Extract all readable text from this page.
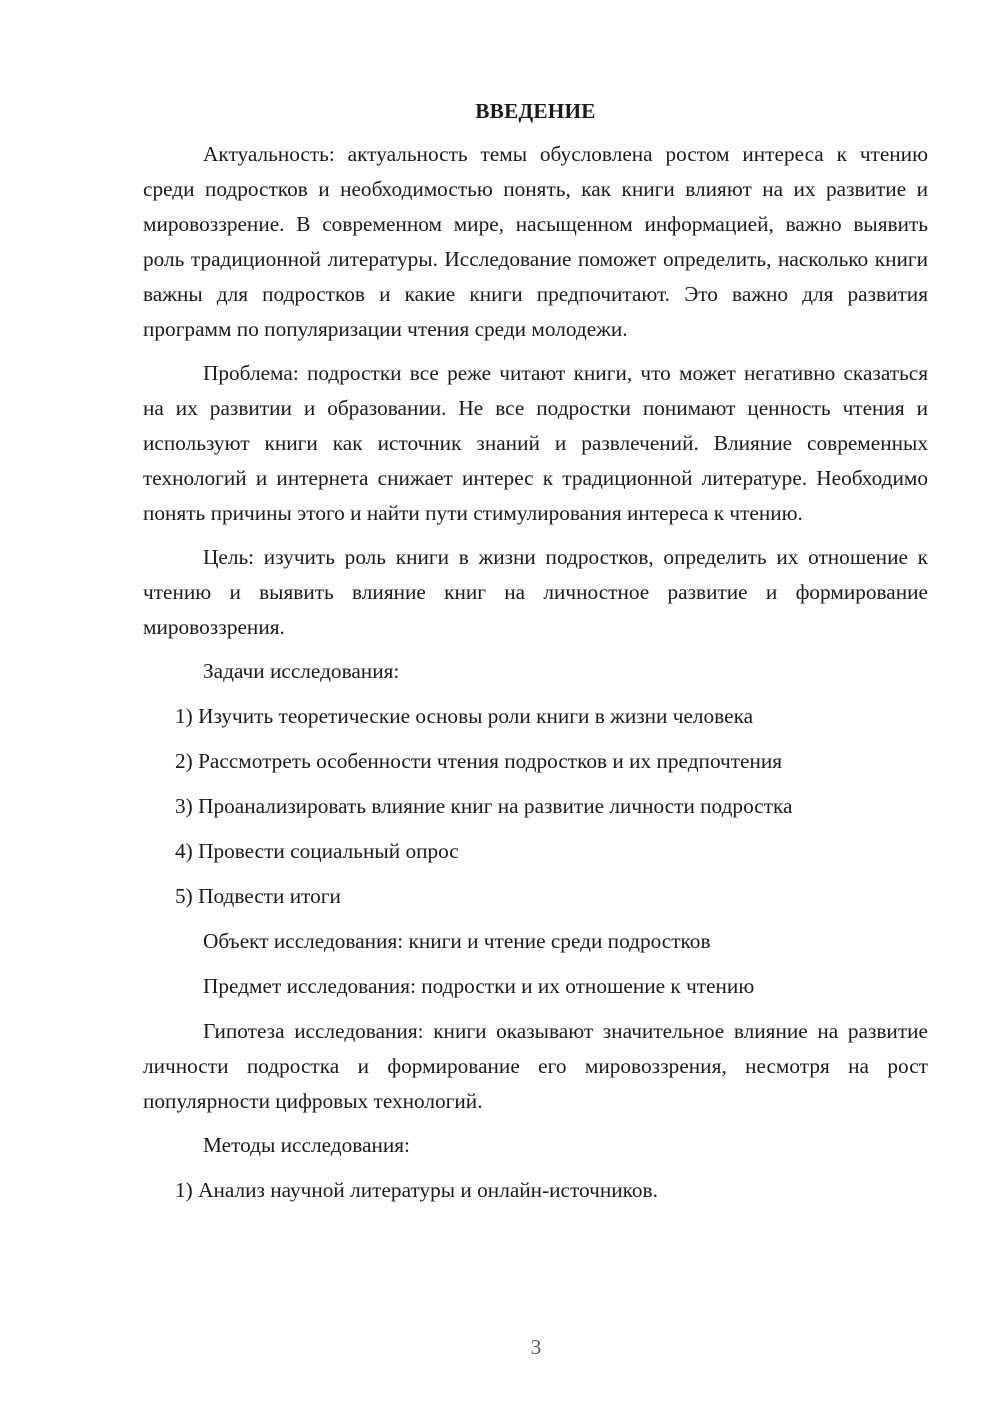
ВВЕДЕНИЕ

Актуальность: актуальность темы обусловлена ростом интереса к чтению среди подростков и необходимостью понять, как книги влияют на их развитие и мировоззрение. В современном мире, насыщенном информацией, важно выявить роль традиционной литературы. Исследование поможет определить, насколько книги важны для подростков и какие книги предпочитают. Это важно для развития программ по популяризации чтения среди молодежи.

Проблема: подростки все реже читают книги, что может негативно сказаться на их развитии и образовании. Не все подростки понимают ценность чтения и используют книги как источник знаний и развлечений. Влияние современных технологий и интернета снижает интерес к традиционной литературе. Необходимо понять причины этого и найти пути стимулирования интереса к чтению.

Цель: изучить роль книги в жизни подростков, определить их отношение к чтению и выявить влияние книг на личностное развитие и формирование мировоззрения.

Задачи исследования:

1) Изучить теоретические основы роли книги в жизни человека

2) Рассмотреть особенности чтения подростков и их предпочтения

3) Проанализировать влияние книг на развитие личности подростка

4) Провести социальный опрос

5) Подвести итоги

Объект исследования: книги и чтение среди подростков

Предмет исследования: подростки и их отношение к чтению

Гипотеза исследования: книги оказывают значительное влияние на развитие личности подростка и формирование его мировоззрения, несмотря на рост популярности цифровых технологий.

Методы исследования:

1) Анализ научной литературы и онлайн-источников.

3
